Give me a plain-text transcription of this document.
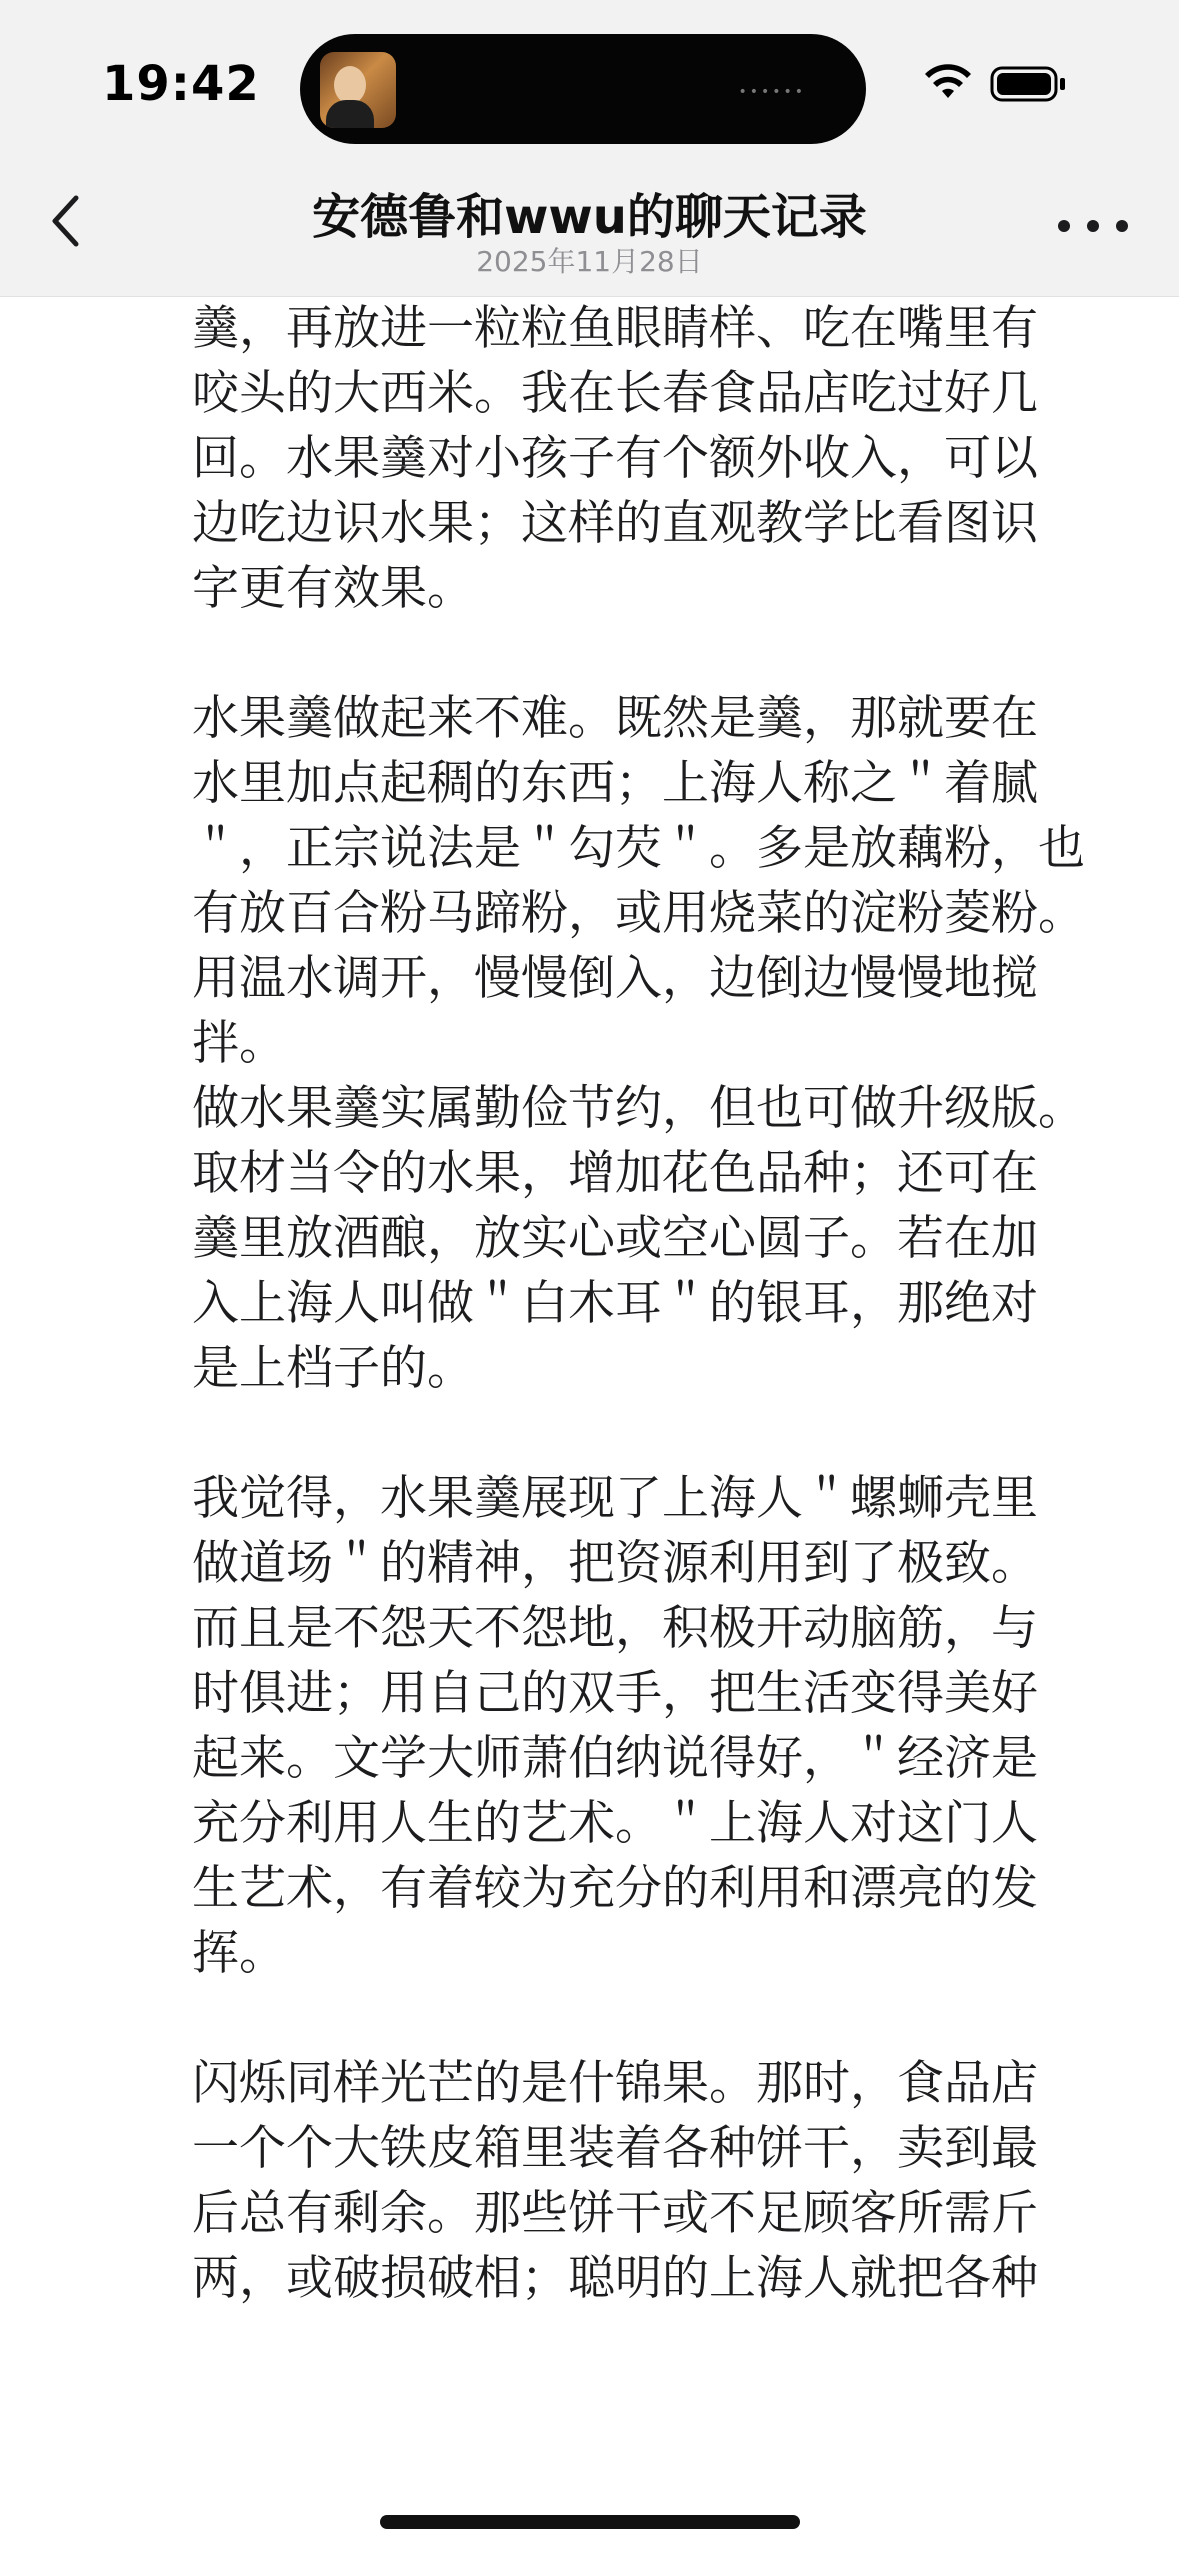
19:42	••••••
安德鲁和wwu的聊天记录
2025年11月28日
羹，再放进一粒粒鱼眼睛样、吃在嘴里有
咬头的大西米。我在长春食品店吃过好几
回。水果羹对小孩子有个额外收入，可以
边吃边识水果；这样的直观教学比看图识
字更有效果。
水果羹做起来不难。既然是羹，那就要在
水里加点起稠的东西；上海人称之＂着腻
＂，正宗说法是＂勾芡＂。多是放藕粉，也
有放百合粉马蹄粉，或用烧菜的淀粉菱粉。
用温水调开，慢慢倒入，边倒边慢慢地搅
拌。
做水果羹实属勤俭节约，但也可做升级版。
取材当令的水果，增加花色品种；还可在
羹里放酒酿，放实心或空心圆子。若在加
入上海人叫做＂白木耳＂的银耳，那绝对
是上档子的。
我觉得，水果羹展现了上海人＂螺蛳壳里
做道场＂的精神，把资源利用到了极致。
而且是不怨天不怨地，积极开动脑筋，与
时俱进；用自己的双手，把生活变得美好
起来。文学大师萧伯纳说得好，＂经济是
充分利用人生的艺术。＂上海人对这门人
生艺术，有着较为充分的利用和漂亮的发
挥。
闪烁同样光芒的是什锦果。那时，食品店
一个个大铁皮箱里装着各种饼干，卖到最
后总有剩余。那些饼干或不足顾客所需斤
两，或破损破相；聪明的上海人就把各种
